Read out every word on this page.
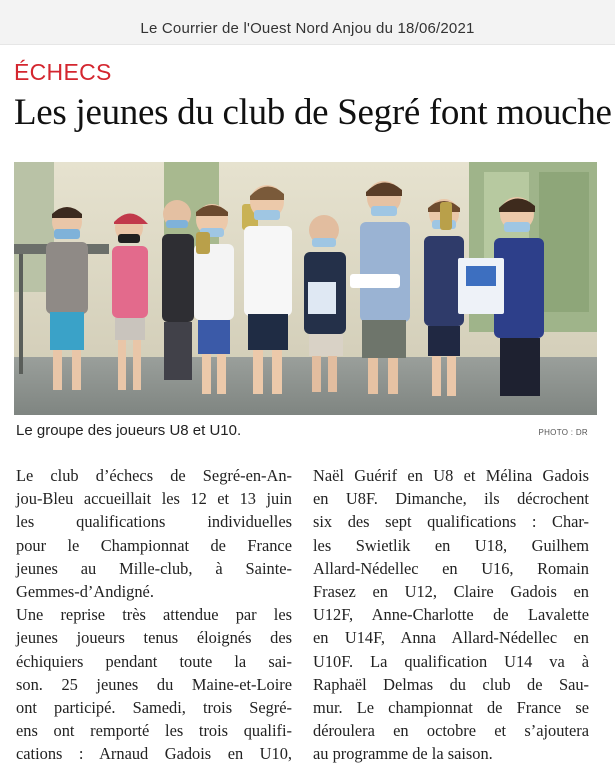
Le Courrier de l'Ouest Nord Anjou du 18/06/2021
ÉCHECS
Les jeunes du club de Segré font mouche
Le groupe des joueurs U8 et U10.	PHOTO : DR
Le club d’échecs de Segré-en-An-
jou-Bleu accueillait les 12 et 13 juin
les qualifications individuelles
pour le Championnat de France
jeunes au Mille-club, à Sainte-
Gemmes-d’Andigné.
Une reprise très attendue par les
jeunes joueurs tenus éloignés des
échiquiers pendant toute la sai-
son. 25 jeunes du Maine-et-Loire
ont participé. Samedi, trois Segré-
ens ont remporté les trois qualifi-
cations : Arnaud Gadois en U10,
Naël Guérif en U8 et Mélina Gadois
en U8F. Dimanche, ils décrochent
six des sept qualifications : Char-
les Swietlik en U18, Guilhem
Allard-Nédellec en U16, Romain
Frasez en U12, Claire Gadois en
U12F, Anne-Charlotte de Lavalette
en U14F, Anna Allard-Nédellec en
U10F. La qualification U14 va à
Raphaël Delmas du club de Sau-
mur. Le championnat de France se
déroulera en octobre et s’ajoutera
au programme de la saison.
